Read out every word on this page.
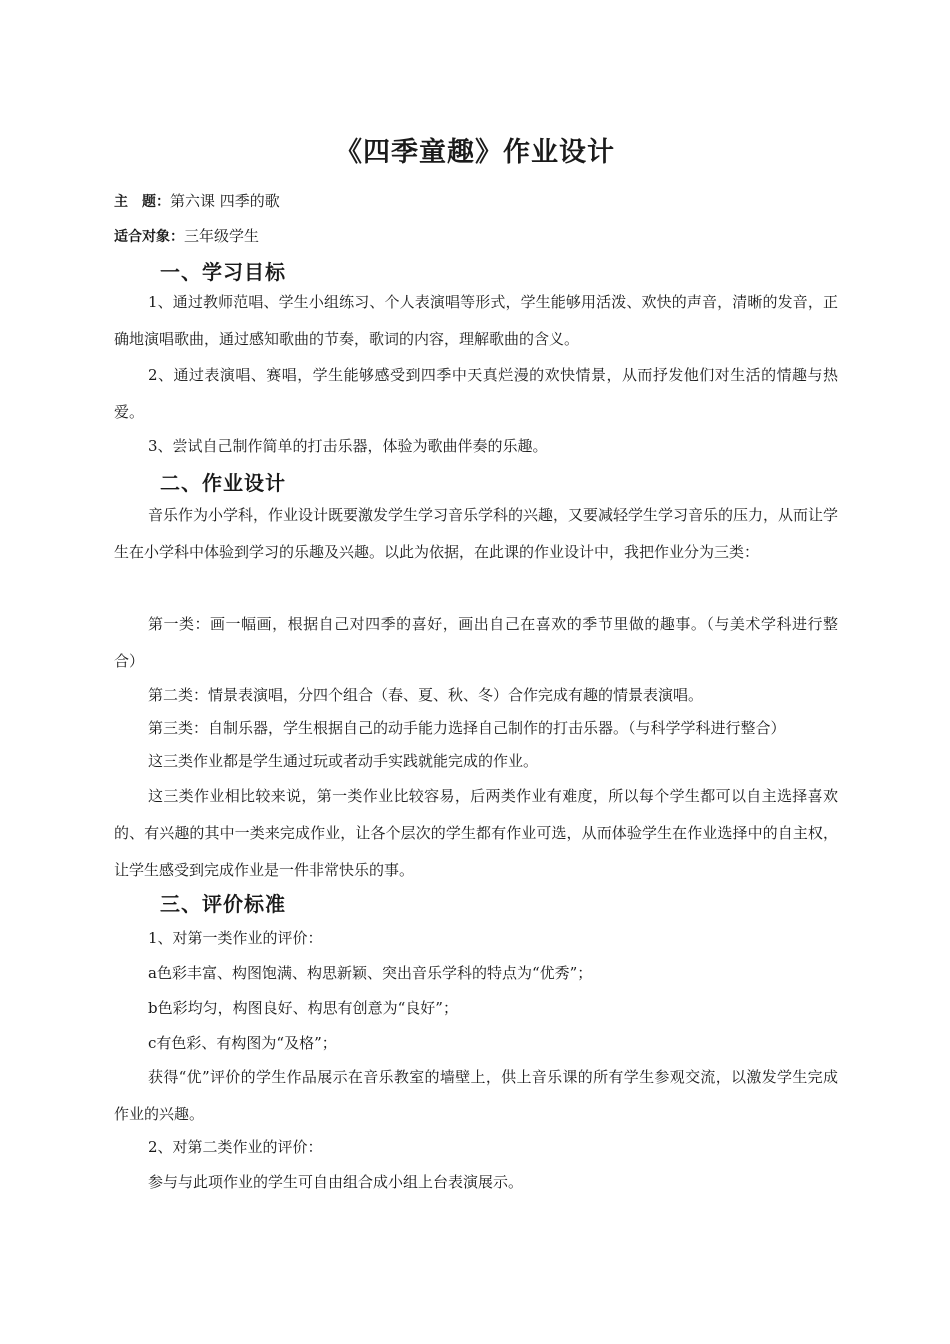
《四季童趣》作业设计
主　题：第六课 四季的歌
适合对象：三年级学生
一、学习目标
1、通过教师范唱、学生小组练习、个人表演唱等形式，学生能够用活泼、欢快的声音，清晰的发音，正确地演唱歌曲，通过感知歌曲的节奏，歌词的内容，理解歌曲的含义。
2、通过表演唱、赛唱，学生能够感受到四季中天真烂漫的欢快情景，从而抒发他们对生活的情趣与热爱。
3、尝试自己制作简单的打击乐器，体验为歌曲伴奏的乐趣。
二、作业设计
音乐作为小学科，作业设计既要激发学生学习音乐学科的兴趣，又要减轻学生学习音乐的压力，从而让学生在小学科中体验到学习的乐趣及兴趣。以此为依据，在此课的作业设计中，我把作业分为三类：
第一类：画一幅画，根据自己对四季的喜好，画出自己在喜欢的季节里做的趣事。（与美术学科进行整合）
第二类：情景表演唱，分四个组合（春、夏、秋、冬）合作完成有趣的情景表演唱。
第三类：自制乐器，学生根据自己的动手能力选择自己制作的打击乐器。（与科学学科进行整合）
这三类作业都是学生通过玩或者动手实践就能完成的作业。
这三类作业相比较来说，第一类作业比较容易，后两类作业有难度，所以每个学生都可以自主选择喜欢的、有兴趣的其中一类来完成作业，让各个层次的学生都有作业可选，从而体验学生在作业选择中的自主权，让学生感受到完成作业是一件非常快乐的事。
三、评价标准
1、对第一类作业的评价：
a色彩丰富、构图饱满、构思新颖、突出音乐学科的特点为“优秀”；
b色彩均匀，构图良好、构思有创意为“良好”；
c有色彩、有构图为“及格”；
获得“优”评价的学生作品展示在音乐教室的墙壁上，供上音乐课的所有学生参观交流，以激发学生完成作业的兴趣。
2、对第二类作业的评价：
参与与此项作业的学生可自由组合成小组上台表演展示。
